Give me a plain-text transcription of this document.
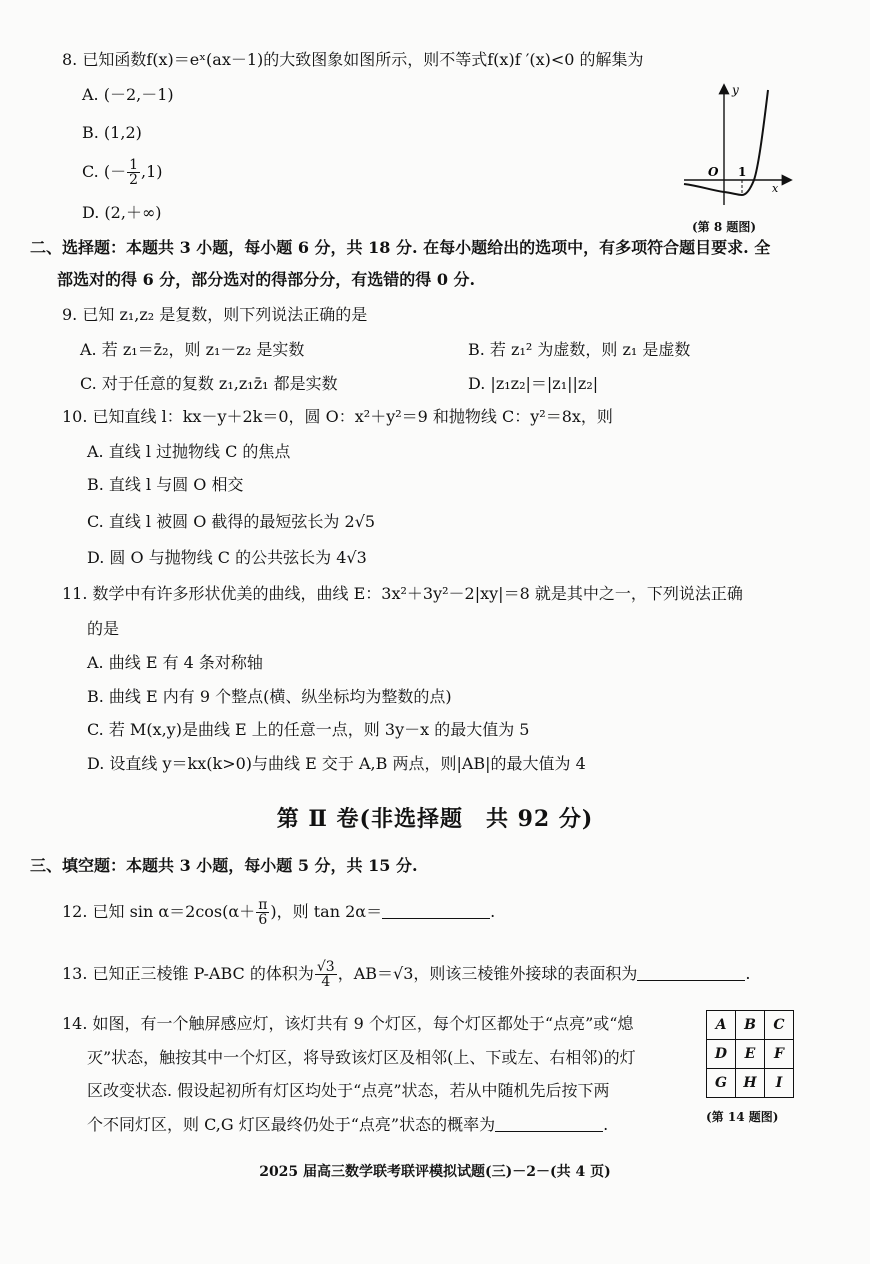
8. 已知函数f(x)＝eˣ(ax－1)的大致图象如图所示，则不等式f(x)f ′(x)<0 的解集为
A. (－2,－1)
B. (1,2)
C. (－ $\frac{1}{2} ,1$)
D. (2,＋∞)
y
x
O 1
(第 8 题图)
二、选择题：本题共 3 小题，每小题 6 分，共 18 分. 在每小题给出的选项中，有多项符合题目要求. 全
部选对的得 6 分，部分选对的得部分分，有选错的得 0 分.
9. 已知 z₁,z₂ 是复数，则下列说法正确的是
A. 若 z₁＝z̄₂，则 z₁－z₂ 是实数	B. 若 z₁² 为虚数，则 z₁ 是虚数
C. 对于任意的复数 z₁,z₁z̄₁ 都是实数	D. |z₁z₂|＝|z₁||z₂|
10. 已知直线 l：kx－y＋2k＝0，圆 O：x²＋y²＝9 和抛物线 C：y²＝8x，则
A. 直线 l 过抛物线 C 的焦点
B. 直线 l 与圆 O 相交
C. 直线 l 被圆 O 截得的最短弦长为 2√5
D. 圆 O 与抛物线 C 的公共弦长为 4√3
11. 数学中有许多形状优美的曲线，曲线 E：3x²＋3y²－2|xy|＝8 就是其中之一，下列说法正确
的是
A. 曲线 E 有 4 条对称轴
B. 曲线 E 内有 9 个整点(横、纵坐标均为整数的点)
C. 若 M(x,y)是曲线 E 上的任意一点，则 3y－x 的最大值为 5
D. 设直线 y＝kx(k>0)与曲线 E 交于 A,B 两点，则|AB|的最大值为 4
第 Ⅱ 卷(非选择题　共 92 分)
三、填空题：本题共 3 小题，每小题 5 分，共 15 分.
12. 已知 $\sin \alpha=2\cos(\alpha+ \frac{\pi}{6}$ )，则 tan 2α＝	.
13. 已知正三棱锥 P-ABC 的体积为 $\frac{√3}{4}$ ，AB＝√3，则该三棱锥外接球的表面积为	.
14. 如图，有一个触屏感应灯，该灯共有 9 个灯区，每个灯区都处于“点亮”或“熄
灭”状态，触按其中一个灯区，将导致该灯区及相邻(上、下或左、右相邻)的灯
区改变状态. 假设起初所有灯区均处于“点亮”状态，若从中随机先后按下两
个不同灯区，则 C,G 灯区最终仍处于“点亮”状态的概率为	.
A	B	C
D	E	F
G	H	I
(第 14 题图)
2025 届高三数学联考联评模拟试题(三)－2－(共 4 页)
